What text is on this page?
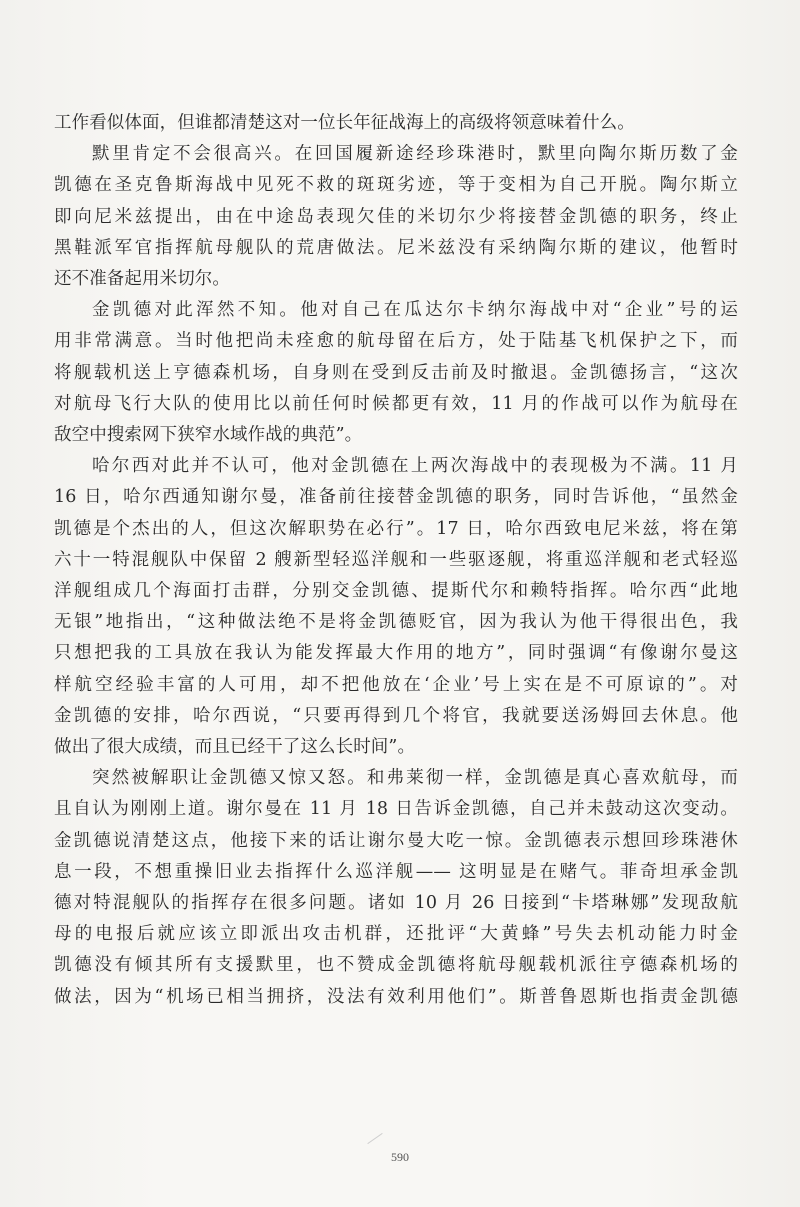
工作看似体面，但谁都清楚这对一位长年征战海上的高级将领意味着什么。
默里肯定不会很高兴。在回国履新途经珍珠港时，默里向陶尔斯历数了金
凯德在圣克鲁斯海战中见死不救的斑斑劣迹，等于变相为自己开脱。陶尔斯立
即向尼米兹提出，由在中途岛表现欠佳的米切尔少将接替金凯德的职务，终止
黑鞋派军官指挥航母舰队的荒唐做法。尼米兹没有采纳陶尔斯的建议，他暂时
还不准备起用米切尔。
金凯德对此浑然不知。他对自己在瓜达尔卡纳尔海战中对“企业”号的运
用非常满意。当时他把尚未痊愈的航母留在后方，处于陆基飞机保护之下，而
将舰载机送上亨德森机场，自身则在受到反击前及时撤退。金凯德扬言，“这次
对航母飞行大队的使用比以前任何时候都更有效，11 月的作战可以作为航母在
敌空中搜索网下狭窄水域作战的典范”。
哈尔西对此并不认可，他对金凯德在上两次海战中的表现极为不满。11 月
16 日，哈尔西通知谢尔曼，准备前往接替金凯德的职务，同时告诉他，“虽然金
凯德是个杰出的人，但这次解职势在必行”。17 日，哈尔西致电尼米兹，将在第
六十一特混舰队中保留 2 艘新型轻巡洋舰和一些驱逐舰，将重巡洋舰和老式轻巡
洋舰组成几个海面打击群，分别交金凯德、提斯代尔和赖特指挥。哈尔西“此地
无银”地指出，“这种做法绝不是将金凯德贬官，因为我认为他干得很出色，我
只想把我的工具放在我认为能发挥最大作用的地方”，同时强调“有像谢尔曼这
样航空经验丰富的人可用，却不把他放在‘企业’号上实在是不可原谅的”。对
金凯德的安排，哈尔西说，“只要再得到几个将官，我就要送汤姆回去休息。他
做出了很大成绩，而且已经干了这么长时间”。
突然被解职让金凯德又惊又怒。和弗莱彻一样，金凯德是真心喜欢航母，而
且自认为刚刚上道。谢尔曼在 11 月 18 日告诉金凯德，自己并未鼓动这次变动。
金凯德说清楚这点，他接下来的话让谢尔曼大吃一惊。金凯德表示想回珍珠港休
息一段，不想重操旧业去指挥什么巡洋舰—— 这明显是在赌气。菲奇坦承金凯
德对特混舰队的指挥存在很多问题。诸如 10 月 26 日接到“卡塔琳娜”发现敌航
母的电报后就应该立即派出攻击机群，还批评“大黄蜂”号失去机动能力时金
凯德没有倾其所有支援默里，也不赞成金凯德将航母舰载机派往亨德森机场的
做法，因为“机场已相当拥挤，没法有效利用他们”。斯普鲁恩斯也指责金凯德
590
